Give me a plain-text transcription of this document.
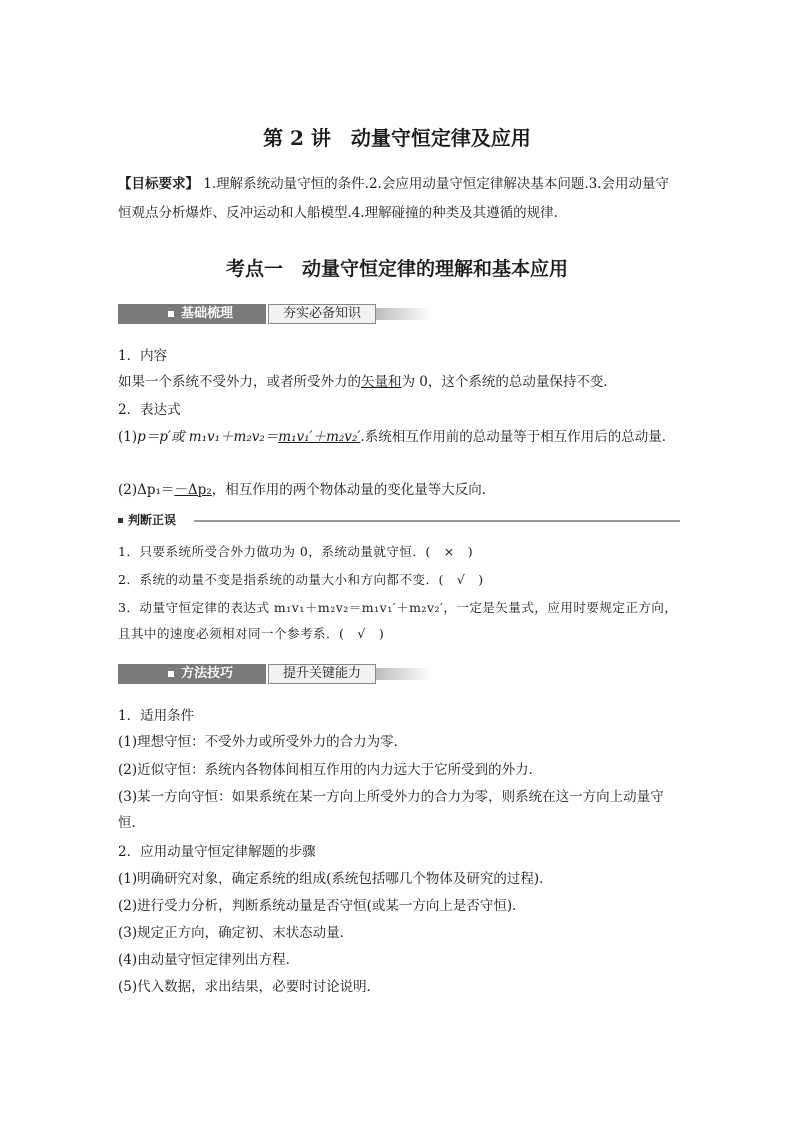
第 2 讲　动量守恒定律及应用
【目标要求】 1.理解系统动量守恒的条件.2.会应用动量守恒定律解决基本问题.3.会用动量守恒观点分析爆炸、反冲运动和人船模型.4.理解碰撞的种类及其遵循的规律.
考点一　动量守恒定律的理解和基本应用
基础梳理	夯实必备知识
1．内容
如果一个系统不受外力，或者所受外力的矢量和为 0，这个系统的总动量保持不变．
2．表达式
(1)p＝p′或 m₁v₁＋m₂v₂＝m₁v₁′＋m₂v₂′.系统相互作用前的总动量等于相互作用后的总动量．
(2)Δp₁＝－Δp₂，相互作用的两个物体动量的变化量等大反向．
判断正误
1．只要系统所受合外力做功为 0，系统动量就守恒．(　×　)
2．系统的动量不变是指系统的动量大小和方向都不变．(　√　)
3．动量守恒定律的表达式 m₁v₁＋m₂v₂＝m₁v₁′＋m₂v₂′，一定是矢量式，应用时要规定正方向，且其中的速度必须相对同一个参考系．(　√　)
方法技巧	提升关键能力
1．适用条件
(1)理想守恒：不受外力或所受外力的合力为零．
(2)近似守恒：系统内各物体间相互作用的内力远大于它所受到的外力．
(3)某一方向守恒：如果系统在某一方向上所受外力的合力为零，则系统在这一方向上动量守恒．
2．应用动量守恒定律解题的步骤
(1)明确研究对象，确定系统的组成(系统包括哪几个物体及研究的过程)．
(2)进行受力分析，判断系统动量是否守恒(或某一方向上是否守恒)．
(3)规定正方向，确定初、末状态动量．
(4)由动量守恒定律列出方程．
(5)代入数据，求出结果，必要时讨论说明．
